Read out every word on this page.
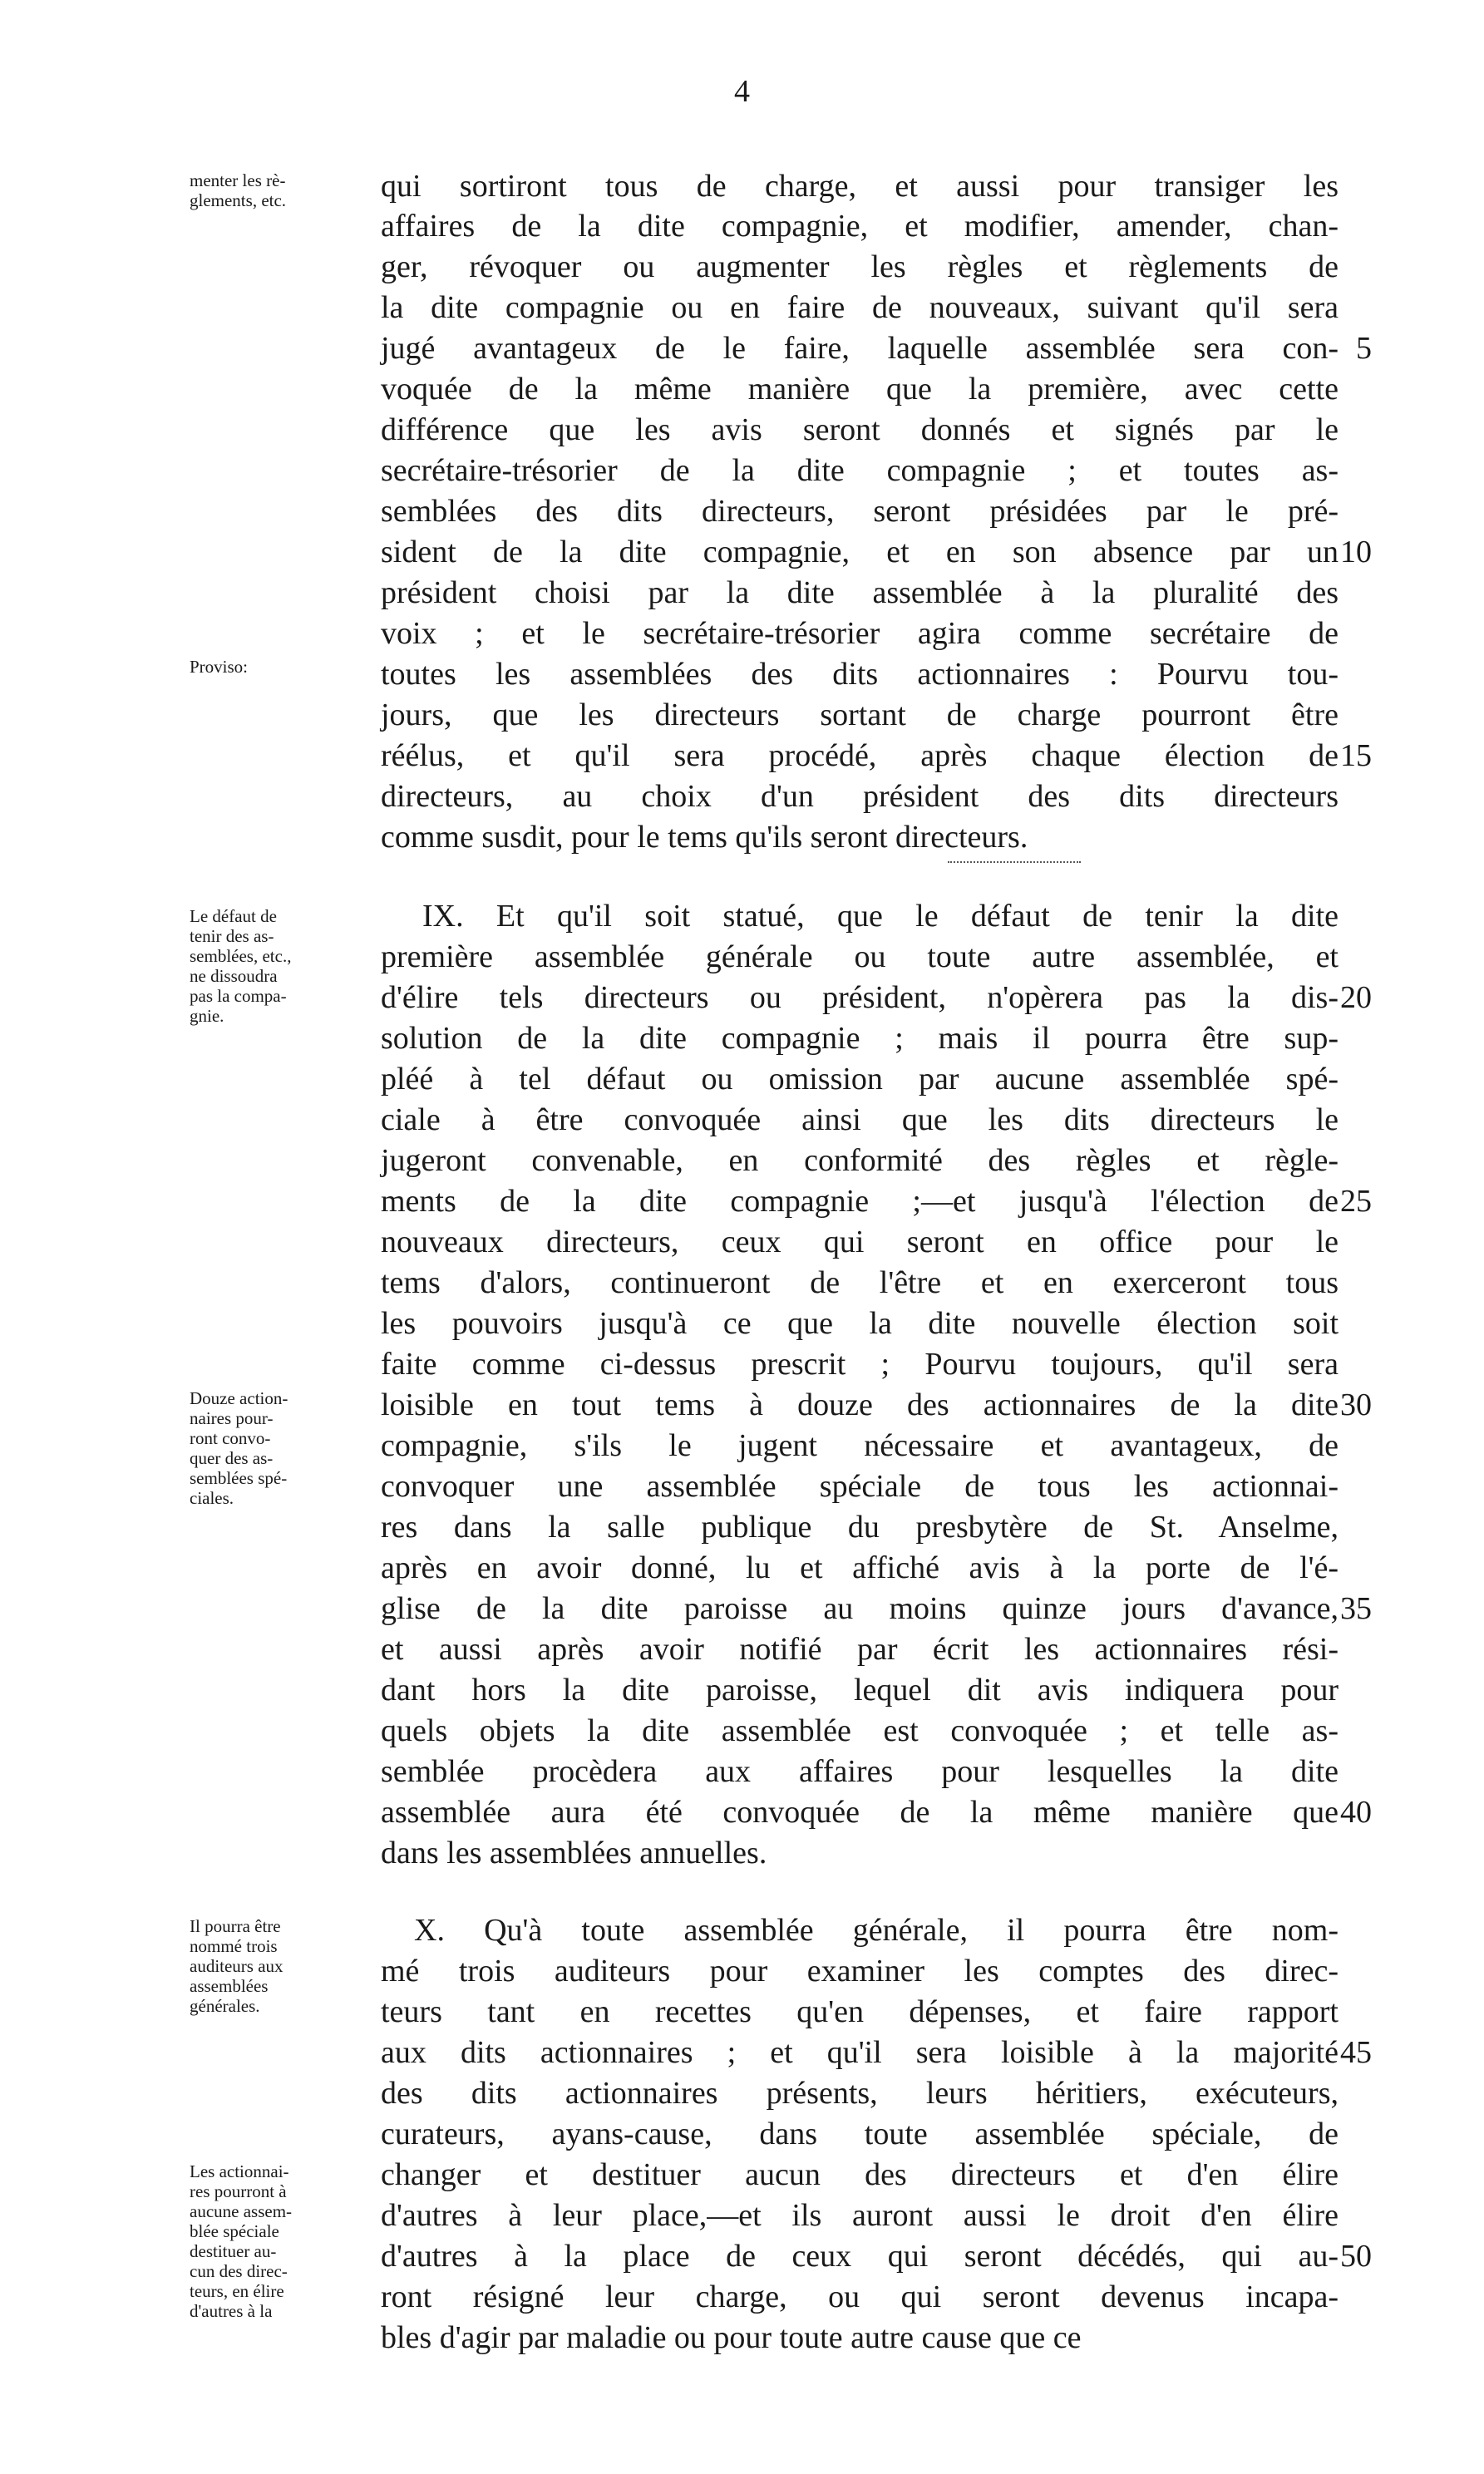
4
menter les rè-
glements, etc.
Proviso:
Le défaut de
tenir des as-
semblées, etc.,
ne dissoudra
pas la compa-
gnie.
Douze action-
naires pour-
ront convo-
quer des as-
semblées spé-
ciales.
Il pourra être
nommé trois
auditeurs aux
assemblées
générales.
Les actionnai-
res pourront à
aucune assem-
blée spéciale
destituer au-
cun des direc-
teurs, en élire
d'autres à la
qui sortiront tous de charge, et aussi pour transiger les
affaires de la dite compagnie, et modifier, amender, chan-
ger, révoquer ou augmenter les règles et règlements de
la dite compagnie ou en faire de nouveaux, suivant qu'il sera
jugé avantageux de le faire, laquelle assemblée sera con-
voquée de la même manière que la première, avec cette
différence que les avis seront donnés et signés par le
secrétaire-trésorier de la dite compagnie ; et toutes as-
semblées des dits directeurs, seront présidées par le pré-
sident de la dite compagnie, et en son absence par un
président choisi par la dite assemblée à la pluralité des
voix ; et le secrétaire-trésorier agira comme secrétaire de
toutes les assemblées des dits actionnaires : Pourvu tou-
jours, que les directeurs sortant de charge pourront être
réélus, et qu'il sera procédé, après chaque élection de
directeurs, au choix d'un président des dits directeurs
comme susdit, pour le tems qu'ils seront directeurs.
IX. Et qu'il soit statué, que le défaut de tenir la dite
première assemblée générale ou toute autre assemblée, et
d'élire tels directeurs ou président, n'opèrera pas la dis-
solution de la dite compagnie ; mais il pourra être sup-
pléé à tel défaut ou omission par aucune assemblée spé-
ciale à être convoquée ainsi que les dits directeurs le
jugeront convenable, en conformité des règles et règle-
ments de la dite compagnie ;—et jusqu'à l'élection de
nouveaux directeurs, ceux qui seront en office pour le
tems d'alors, continueront de l'être et en exerceront tous
les pouvoirs jusqu'à ce que la dite nouvelle élection soit
faite comme ci-dessus prescrit ; Pourvu toujours, qu'il sera
loisible en tout tems à douze des actionnaires de la dite
compagnie, s'ils le jugent nécessaire et avantageux, de
convoquer une assemblée spéciale de tous les actionnai-
res dans la salle publique du presbytère de St. Anselme,
après en avoir donné, lu et affiché avis à la porte de l'é-
glise de la dite paroisse au moins quinze jours d'avance,
et aussi après avoir notifié par écrit les actionnaires rési-
dant hors la dite paroisse, lequel dit avis indiquera pour
quels objets la dite assemblée est convoquée ; et telle as-
semblée procèdera aux affaires pour lesquelles la dite
assemblée aura été convoquée de la même manière que
dans les assemblées annuelles.
X. Qu'à toute assemblée générale, il pourra être nom-
mé trois auditeurs pour examiner les comptes des direc-
teurs tant en recettes qu'en dépenses, et faire rapport
aux dits actionnaires ; et qu'il sera loisible à la majorité
des dits actionnaires présents, leurs héritiers, exécuteurs,
curateurs, ayans-cause, dans toute assemblée spéciale, de
changer et destituer aucun des directeurs et d'en élire
d'autres à leur place,—et ils auront aussi le droit d'en élire
d'autres à la place de ceux qui seront décédés, qui au-
ront résigné leur charge, ou qui seront devenus incapa-
bles d'agir par maladie ou pour toute autre cause que ce
5
10
15
20
25
30
35
40
45
50
